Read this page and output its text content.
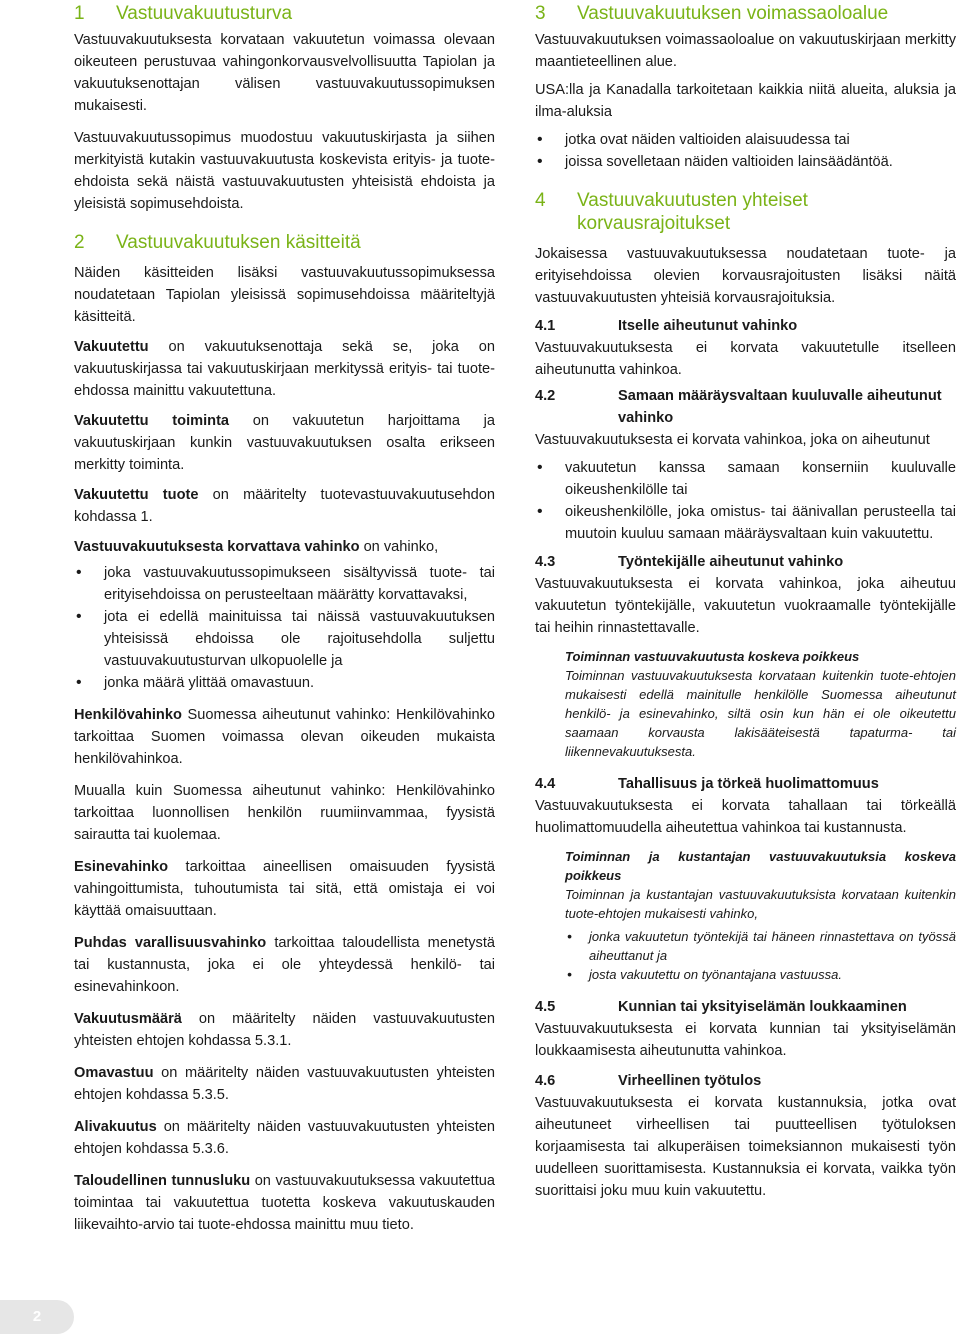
1	Vastuuvakuutusturva

Vastuuvakuutuksesta korvataan vakuutetun voimassa olevaan oikeuteen perustuvaa vahingonkorvausvelvollisuutta Tapiolan ja vakuutuksenottajan välisen vastuuvakuutussopimuksen mukaisesti.

Vastuuvakuutussopimus muodostuu vakuutuskirjasta ja siihen merkityistä kutakin vastuuvakuutusta koskevista erityis- ja tuote-ehdoista sekä näistä vastuuvakuutusten yhteisistä ehdoista ja yleisistä sopimusehdoista.

2	Vastuuvakuutuksen käsitteitä

Näiden käsitteiden lisäksi vastuuvakuutussopimuksessa noudatetaan Tapiolan yleisissä sopimusehdoissa määriteltyjä käsitteitä.

Vakuutettu on vakuutuksenottaja sekä se, joka on vakuutuskirjassa tai vakuutuskirjaan merkityssä erityis- tai tuote-ehdossa mainittu vakuutettuna.

Vakuutettu toiminta on vakuutetun harjoittama ja vakuutuskirjaan kunkin vastuuvakuutuksen osalta erikseen merkitty toiminta.

Vakuutettu tuote on määritelty tuotevastuuvakuutusehdon kohdassa 1.

Vastuuvakuutuksesta korvattava vahinko on vahinko,

• joka vastuuvakuutussopimukseen sisältyvissä tuote- tai erityisehdoissa on perusteeltaan määrätty korvattavaksi,
• jota ei edellä mainituissa tai näissä vastuuvakuutuksen yhteisissä ehdoissa ole rajoitusehdolla suljettu vastuuvakuutusturvan ulkopuolelle ja
• jonka määrä ylittää omavastuun.

Henkilövahinko Suomessa aiheutunut vahinko: Henkilövahinko tarkoittaa Suomen voimassa olevan oikeuden mukaista henkilövahinkoa.

Muualla kuin Suomessa aiheutunut vahinko: Henkilövahinko tarkoittaa luonnollisen henkilön ruumiinvammaa, fyysistä sairautta tai kuolemaa.

Esinevahinko tarkoittaa aineellisen omaisuuden fyysistä vahingoittumista, tuhoutumista tai sitä, että omistaja ei voi käyttää omaisuuttaan.

Puhdas varallisuusvahinko tarkoittaa taloudellista menetystä tai kustannusta, joka ei ole yhteydessä henkilö- tai esinevahinkoon.

Vakuutusmäärä on määritelty näiden vastuuvakuutusten yhteisten ehtojen kohdassa 5.3.1.

Omavastuu on määritelty näiden vastuuvakuutusten yhteisten ehtojen kohdassa 5.3.5.

Alivakuutus on määritelty näiden vastuuvakuutusten yhteisten ehtojen kohdassa 5.3.6.

Taloudellinen tunnusluku on vastuuvakuutuksessa vakuutettua toimintaa tai vakuutettua tuotetta koskeva vakuutuskauden liikevaihto-arvio tai tuote-ehdossa mainittu muu tieto.

3	Vastuuvakuutuksen voimassaoloalue

Vastuuvakuutuksen voimassaoloalue on vakuutuskirjaan merkitty maantieteellinen alue.

USA:lla ja Kanadalla tarkoitetaan kaikkia niitä alueita, aluksia ja ilma-aluksia

• jotka ovat näiden valtioiden alaisuudessa tai
• joissa sovelletaan näiden valtioiden lainsäädäntöä.
4	Vastuuvakuutusten yhteiset korvausrajoitukset

Jokaisessa vastuuvakuutuksessa noudatetaan tuote- ja erityisehdoissa olevien korvausrajoitusten lisäksi näitä vastuuvakuutusten yhteisiä korvausrajoituksia.

4.1	Itselle aiheutunut vahinko

Vastuuvakuutuksesta ei korvata vakuutetulle itselleen aiheutunutta vahinkoa.

4.2	Samaan määräysvaltaan kuuluvalle aiheutunut vahinko

Vastuuvakuutuksesta ei korvata vahinkoa, joka on aiheutunut

• vakuutetun kanssa samaan konserniin kuuluvalle oikeushenkilölle tai
• oikeushenkilölle, joka omistus- tai äänivallan perusteella tai muutoin kuuluu samaan määräysvaltaan kuin vakuutettu.
4.3	Työntekijälle aiheutunut vahinko

Vastuuvakuutuksesta ei korvata vahinkoa, joka aiheutuu vakuutetun työntekijälle, vakuutetun vuokraamalle työntekijälle tai heihin rinnastettavalle.

Toiminnan vastuuvakuutusta koskeva poikkeus

Toiminnan vastuuvakuutuksesta korvataan kuitenkin tuote-ehtojen mukaisesti edellä mainitulle henkilölle Suomessa aiheutunut henkilö- ja esinevahinko, siltä osin kun hän ei ole oikeutettu saamaan korvausta lakisääteisestä tapaturma- tai liikennevakuutuksesta.

4.4	Tahallisuus ja törkeä huolimattomuus

Vastuuvakuutuksesta ei korvata tahallaan tai törkeällä huolimattomuudella aiheutettua vahinkoa tai kustannusta.

Toiminnan ja kustantajan vastuuvakuutuksia koskeva poikkeus

Toiminnan ja kustantajan vastuuvakuutuksista korvataan kuitenkin tuote-ehtojen mukaisesti vahinko,

• jonka vakuutetun työntekijä tai häneen rinnastettava on työssä aiheuttanut ja
• josta vakuutettu on työnantajana vastuussa.
4.5	Kunnian tai yksityiselämän loukkaaminen

Vastuuvakuutuksesta ei korvata kunnian tai yksityiselämän loukkaamisesta aiheutunutta vahinkoa.

4.6	Virheellinen työtulos

Vastuuvakuutuksesta ei korvata kustannuksia, jotka ovat aiheutuneet virheellisen tai puutteellisen työtuloksen korjaamisesta tai alkuperäisen toimeksiannon mukaisesti työn uudelleen suorittamisesta. Kustannuksia ei korvata, vaikka työn suorittaisi joku muu kuin vakuutettu.

2
